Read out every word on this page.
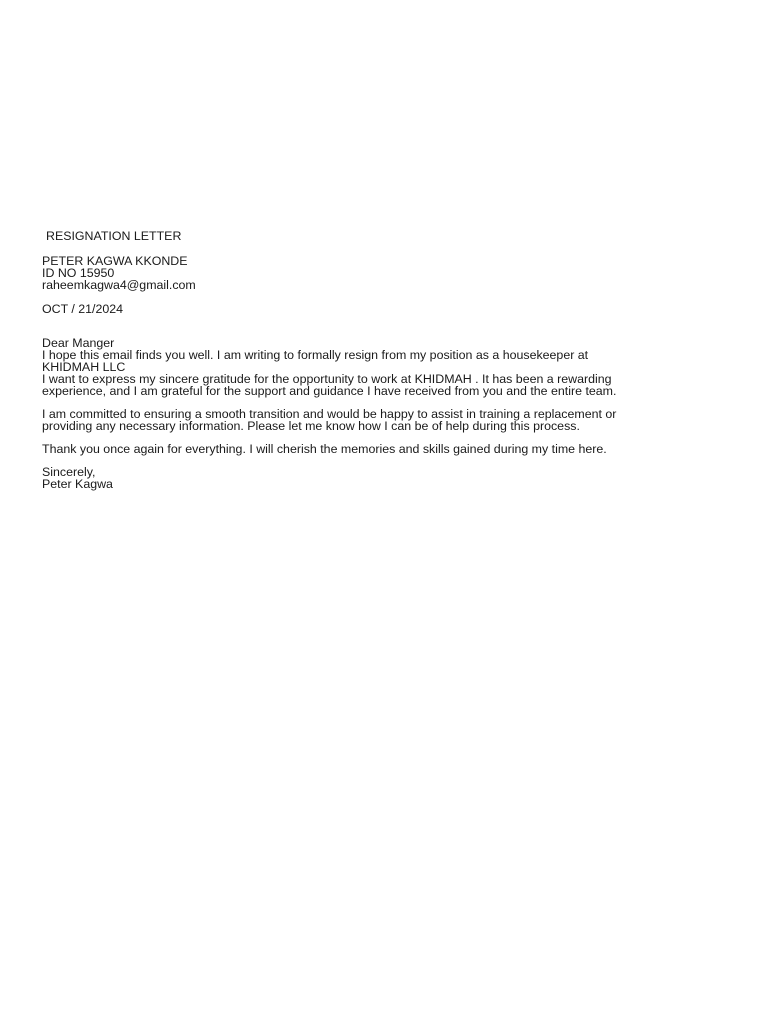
RESIGNATION LETTER
PETER KAGWA KKONDE
ID NO 15950
raheemkagwa4@gmail.com
OCT / 21/2024
Dear Manger

I hope this email finds you well. I am writing to formally resign from my position as a housekeeper at
KHIDMAH LLC
I want to express my sincere gratitude for the opportunity to work at KHIDMAH . It has been a rewarding
experience, and I am grateful for the support and guidance I have received from you and the entire team.

I am committed to ensuring a smooth transition and would be happy to assist in training a replacement or
providing any necessary information. Please let me know how I can be of help during this process.

Thank you once again for everything. I will cherish the memories and skills gained during my time here.

Sincerely,
Peter Kagwa
